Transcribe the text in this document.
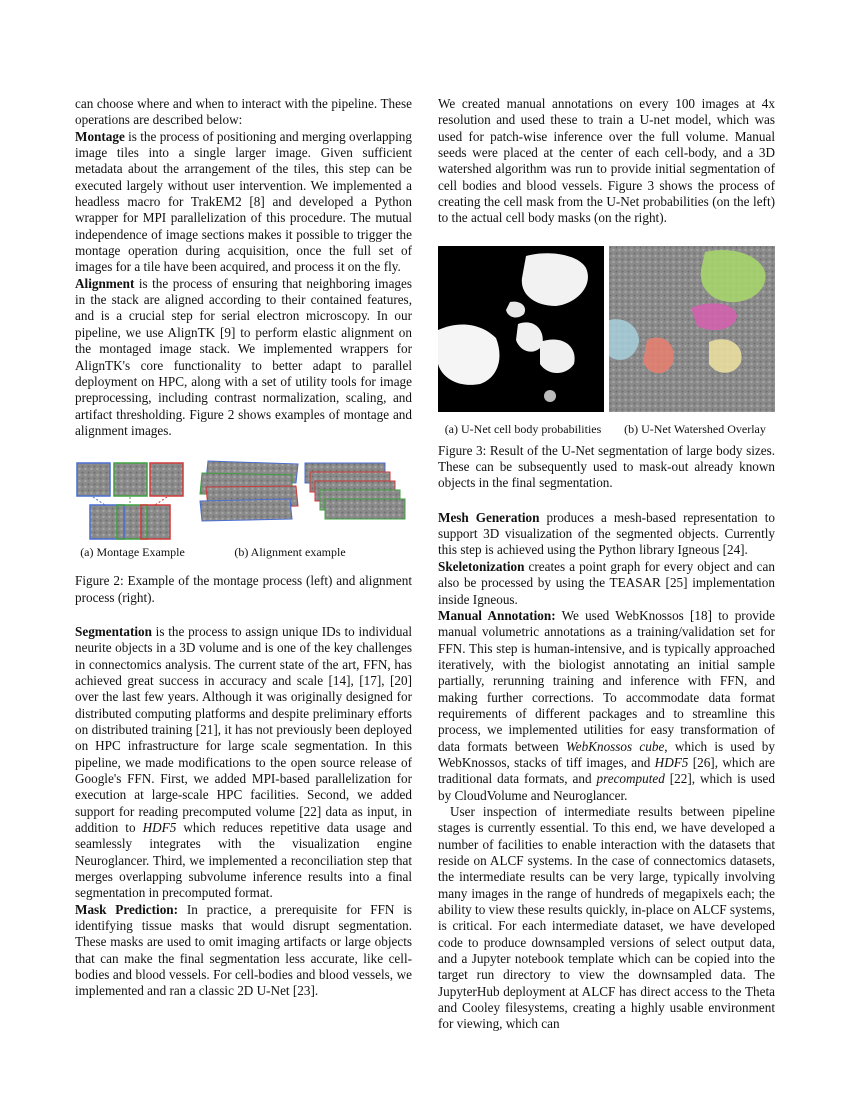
can choose where and when to interact with the pipeline. These operations are described below:

Montage is the process of positioning and merging overlapping image tiles into a single larger image. Given sufficient metadata about the arrangement of the tiles, this step can be executed largely without user intervention. We implemented a headless macro for TrakEM2 [8] and developed a Python wrapper for MPI parallelization of this procedure. The mutual independence of image sections makes it possible to trigger the montage operation during acquisition, once the full set of images for a tile have been acquired, and process it on the fly.

Alignment is the process of ensuring that neighboring images in the stack are aligned according to their contained features, and is a crucial step for serial electron microscopy. In our pipeline, we use AlignTK [9] to perform elastic alignment on the montaged image stack. We implemented wrappers for AlignTK's core functionality to better adapt to parallel deployment on HPC, along with a set of utility tools for image preprocessing, including contrast normalization, scaling, and artifact thresholding. Figure 2 shows examples of montage and alignment images.

(a) Montage Example	(b) Alignment example

Figure 2: Example of the montage process (left) and alignment process (right).

Segmentation is the process to assign unique IDs to individual neurite objects in a 3D volume and is one of the key challenges in connectomics analysis. The current state of the art, FFN, has achieved great success in accuracy and scale [14], [17], [20] over the last few years. Although it was originally designed for distributed computing platforms and despite preliminary efforts on distributed training [21], it has not previously been deployed on HPC infrastructure for large scale segmentation. In this pipeline, we made modifications to the open source release of Google's FFN. First, we added MPI-based parallelization for execution at large-scale HPC facilities. Second, we added support for reading precomputed volume [22] data as input, in addition to HDF5 which reduces repetitive data usage and seamlessly integrates with the visualization engine Neuroglancer. Third, we implemented a reconciliation step that merges overlapping subvolume inference results into a final segmentation in precomputed format.

Mask Prediction: In practice, a prerequisite for FFN is identifying tissue masks that would disrupt segmentation. These masks are used to omit imaging artifacts or large objects that can make the final segmentation less accurate, like cell-bodies and blood vessels. For cell-bodies and blood vessels, we implemented and ran a classic 2D U-Net [23].

We created manual annotations on every 100 images at 4x resolution and used these to train a U-net model, which was used for patch-wise inference over the full volume. Manual seeds were placed at the center of each cell-body, and a 3D watershed algorithm was run to provide initial segmentation of cell bodies and blood vessels. Figure 3 shows the process of creating the cell mask from the U-Net probabilities (on the left) to the actual cell body masks (on the right).

(a) U-Net cell body probabilities	(b) U-Net Watershed Overlay

Figure 3: Result of the U-Net segmentation of large body sizes. These can be subsequently used to mask-out already known objects in the final segmentation.

Mesh Generation produces a mesh-based representation to support 3D visualization of the segmented objects. Currently this step is achieved using the Python library Igneous [24].

Skeletonization creates a point graph for every object and can also be processed by using the TEASAR [25] implementation inside Igneous.

Manual Annotation: We used WebKnossos [18] to provide manual volumetric annotations as a training/validation set for FFN. This step is human-intensive, and is typically approached iteratively, with the biologist annotating an initial sample partially, rerunning training and inference with FFN, and making further corrections. To accommodate data format requirements of different packages and to streamline this process, we implemented utilities for easy transformation of data formats between WebKnossos cube, which is used by WebKnossos, stacks of tiff images, and HDF5 [26], which are traditional data formats, and precomputed [22], which is used by CloudVolume and Neuroglancer.

User inspection of intermediate results between pipeline stages is currently essential. To this end, we have developed a number of facilities to enable interaction with the datasets that reside on ALCF systems. In the case of connectomics datasets, the intermediate results can be very large, typically involving many images in the range of hundreds of megapixels each; the ability to view these results quickly, in-place on ALCF systems, is critical. For each intermediate dataset, we have developed code to produce downsampled versions of select output data, and a Jupyter notebook template which can be copied into the target run directory to view the downsampled data. The JupyterHub deployment at ALCF has direct access to the Theta and Cooley filesystems, creating a highly usable environment for viewing, which can
